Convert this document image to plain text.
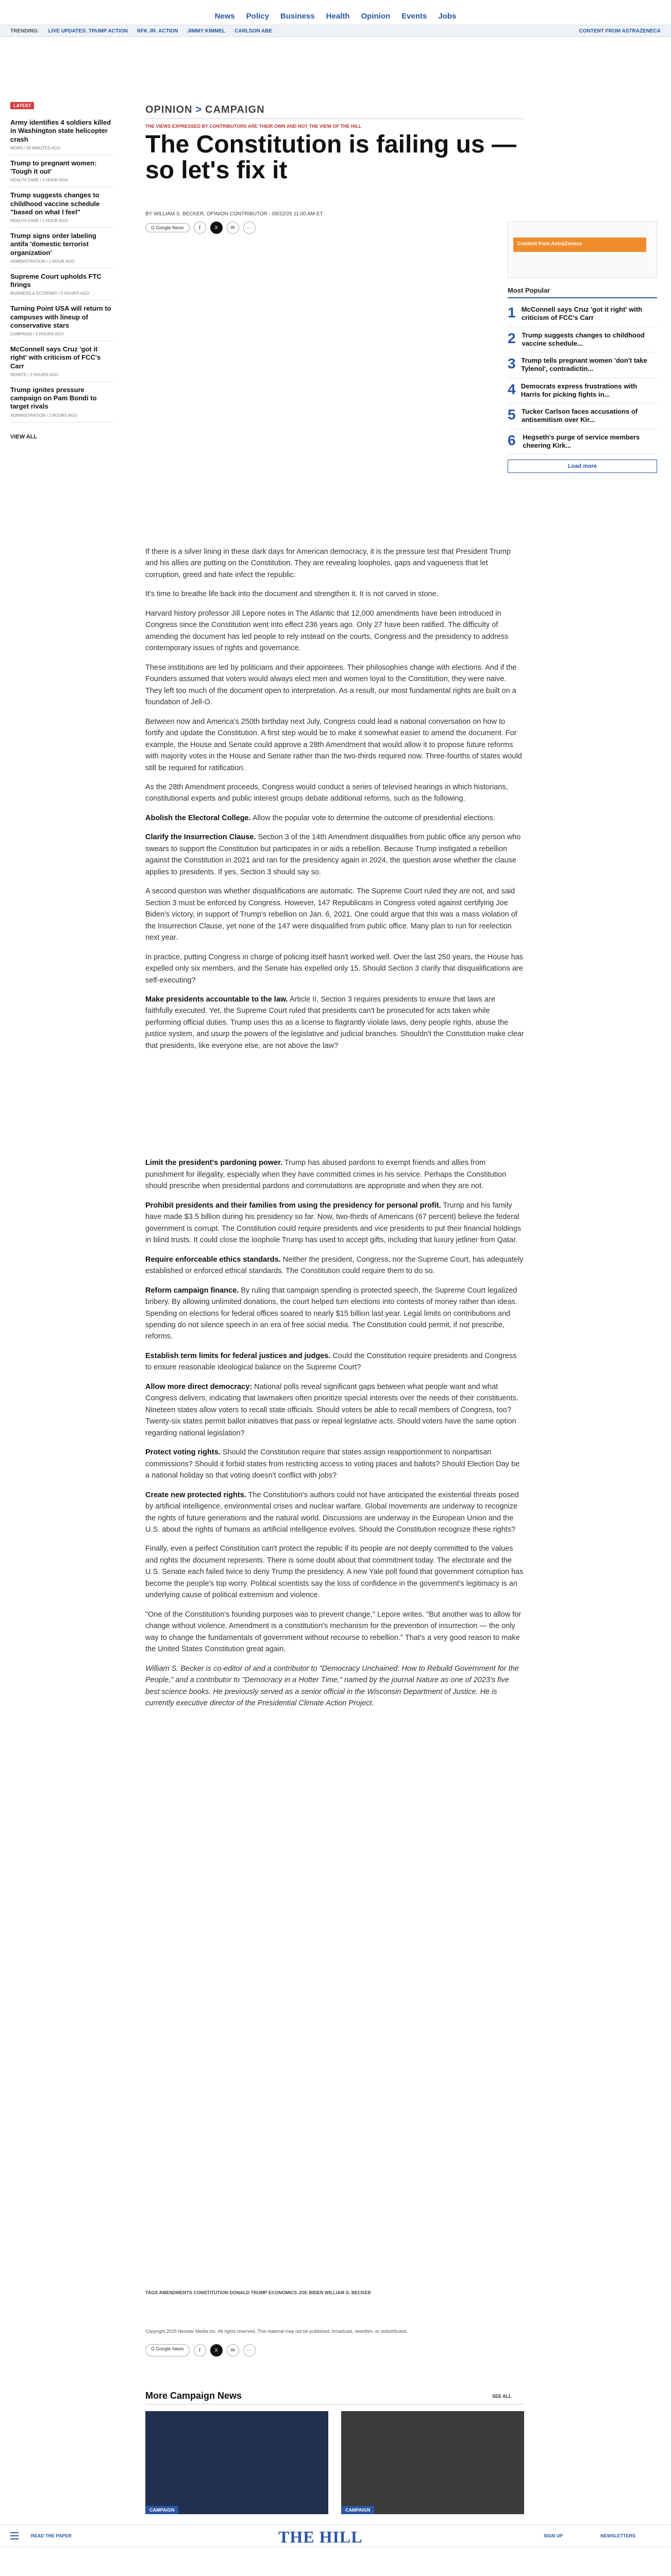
News Policy Business Health Opinion Events Jobs
TRENDING: LIVE UPDATES: TRUMP ACTION RFK JR. ACTION JIMMY KIMMEL CARLSON ABE	CONTENT FROM ASTRAZENECA
LATEST
Army identifies 4 soldiers killed in Washington state helicopter crash
NEWS / 28 MINUTES AGO
Trump to pregnant women: 'Tough it out'
HEALTH CARE / 1 HOUR AGO
Trump suggests changes to childhood vaccine schedule "based on what I feel"
HEALTH CARE / 1 HOUR AGO
Trump signs order labeling antifa 'domestic terrorist organization'
ADMINISTRATION / 1 HOUR AGO
Supreme Court upholds FTC firings
BUSINESS & ECONOMY / 2 HOURS AGO
Turning Point USA will return to campuses with lineup of conservative stars
CAMPAIGN / 2 HOURS AGO
McConnell says Cruz 'got it right' with criticism of FCC's Carr
SENATE / 2 HOURS AGO
Trump ignites pressure campaign on Pam Bondi to target rivals
ADMINISTRATION / 2 HOURS AGO
VIEW ALL
OPINION > CAMPAIGN
THE VIEWS EXPRESSED BY CONTRIBUTORS ARE THEIR OWN AND NOT THE VIEW OF THE HILL
The Constitution is failing us — so let's fix it
BY WILLIAM S. BECKER, OPINION CONTRIBUTOR - 09/22/25 11:00 AM ET
G Google News	f	X	✉	⋯
Content from AstraZeneca
Most Popular
1 McConnell says Cruz 'got it right' with criticism of FCC's Carr
2 Trump suggests changes to childhood vaccine schedule...
3 Trump tells pregnant women 'don't take Tylenol', contradictin...
4 Democrats express frustrations with Harris for picking fights in...
5 Tucker Carlson faces accusations of antisemitism over Kir...
6 Hegseth's purge of service members cheering Kirk...
Load more

If there is a silver lining in these dark days for American democracy, it is the pressure test that President Trump and his allies are putting on the Constitution. They are revealing loopholes, gaps and vagueness that let corruption, greed and hate infect the republic.

It's time to breathe life back into the document and strengthen it. It is not carved in stone.

Harvard history professor Jill Lepore notes in The Atlantic that 12,000 amendments have been introduced in Congress since the Constitution went into effect 236 years ago. Only 27 have been ratified. The difficulty of amending the document has led people to rely instead on the courts, Congress and the presidency to address contemporary issues of rights and governance.

These institutions are led by politicians and their appointees. Their philosophies change with elections. And if the Founders assumed that voters would always elect men and women loyal to the Constitution, they were naive. They left too much of the document open to interpretation. As a result, our most fundamental rights are built on a foundation of Jell-O.

Between now and America's 250th birthday next July, Congress could lead a national conversation on how to fortify and update the Constitution. A first step would be to make it somewhat easier to amend the document. For example, the House and Senate could approve a 28th Amendment that would allow it to propose future reforms with majority votes in the House and Senate rather than the two-thirds required now. Three-fourths of states would still be required for ratification.

As the 28th Amendment proceeds, Congress would conduct a series of televised hearings in which historians, constitutional experts and public interest groups debate additional reforms, such as the following.

Abolish the Electoral College. Allow the popular vote to determine the outcome of presidential elections.

Clarify the Insurrection Clause. Section 3 of the 14th Amendment disqualifies from public office any person who swears to support the Constitution but participates in or aids a rebellion. Because Trump instigated a rebellion against the Constitution in 2021 and ran for the presidency again in 2024, the question arose whether the clause applies to presidents. If yes, Section 3 should say so.

A second question was whether disqualifications are automatic. The Supreme Court ruled they are not, and said Section 3 must be enforced by Congress. However, 147 Republicans in Congress voted against certifying Joe Biden's victory, in support of Trump's rebellion on Jan. 6, 2021. One could argue that this was a mass violation of the Insurrection Clause, yet none of the 147 were disqualified from public office. Many plan to run for reelection next year.

In practice, putting Congress in charge of policing itself hasn't worked well. Over the last 250 years, the House has expelled only six members, and the Senate has expelled only 15. Should Section 3 clarify that disqualifications are self-executing?

Make presidents accountable to the law. Article II, Section 3 requires presidents to ensure that laws are faithfully executed. Yet, the Supreme Court ruled that presidents can't be prosecuted for acts taken while performing official duties. Trump uses this as a license to flagrantly violate laws, deny people rights, abuse the justice system, and usurp the powers of the legislative and judicial branches. Shouldn't the Constitution make clear that presidents, like everyone else, are not above the law?

Limit the president's pardoning power. Trump has abused pardons to exempt friends and allies from punishment for illegality, especially when they have committed crimes in his service. Perhaps the Constitution should prescribe when presidential pardons and commutations are appropriate and when they are not.

Prohibit presidents and their families from using the presidency for personal profit. Trump and his family have made $3.5 billion during his presidency so far. Now, two-thirds of Americans (67 percent) believe the federal government is corrupt. The Constitution could require presidents and vice presidents to put their financial holdings in blind trusts. It could close the loophole Trump has used to accept gifts, including that luxury jetliner from Qatar.

Require enforceable ethics standards. Neither the president, Congress, nor the Supreme Court, has adequately established or enforced ethical standards. The Constitution could require them to do so.

Reform campaign finance. By ruling that campaign spending is protected speech, the Supreme Court legalized bribery. By allowing unlimited donations, the court helped turn elections into contests of money rather than ideas. Spending on elections for federal offices soared to nearly $15 billion last year. Legal limits on contributions and spending do not silence speech in an era of free social media. The Constitution could permit, if not prescribe, reforms.

Establish term limits for federal justices and judges. Could the Constitution require presidents and Congress to ensure reasonable ideological balance on the Supreme Court?

Allow more direct democracy: National polls reveal significant gaps between what people want and what Congress delivers, indicating that lawmakers often prioritize special interests over the needs of their constituents. Nineteen states allow voters to recall state officials. Should voters be able to recall members of Congress, too? Twenty-six states permit ballot initiatives that pass or repeal legislative acts. Should voters have the same option regarding national legislation?

Protect voting rights. Should the Constitution require that states assign reapportionment to nonpartisan commissions? Should it forbid states from restricting access to voting places and ballots? Should Election Day be a national holiday so that voting doesn't conflict with jobs?

Create new protected rights. The Constitution's authors could not have anticipated the existential threats posed by artificial intelligence, environmental crises and nuclear warfare. Global movements are underway to recognize the rights of future generations and the natural world. Discussions are underway in the European Union and the U.S. about the rights of humans as artificial intelligence evolves. Should the Constitution recognize these rights?

Finally, even a perfect Constitution can't protect the republic if its people are not deeply committed to the values and rights the document represents. There is some doubt about that commitment today. The electorate and the U.S. Senate each failed twice to deny Trump the presidency. A new Yale poll found that government corruption has become the people's top worry. Political scientists say the loss of confidence in the government's legitimacy is an underlying cause of political extremism and violence.

"One of the Constitution's founding purposes was to prevent change," Lepore writes. "But another was to allow for change without violence. Amendment is a constitution's mechanism for the prevention of insurrection — the only way to change the fundamentals of government without recourse to rebellion." That's a very good reason to make the United States Constitution great again.

William S. Becker is co-editor of and a contributor to "Democracy Unchained: How to Rebuild Government for the People," and a contributor to "Democracy in a Hotter Time," named by the journal Nature as one of 2023's five best science books. He previously served as a senior official in the Wisconsin Department of Justice. He is currently executive director of the Presidential Climate Action Project.

TAGS AMENDMENTS CONSTITUTION DONALD TRUMP ECONOMICS JOE BIDEN WILLIAM S. BECKER
Copyright 2025 Nexstar Media Inc. All rights reserved. This material may not be published, broadcast, rewritten, or redistributed.
G Google News	f	X	✉	⋯
More Campaign News	SEE ALL
CAMPAIGN	CAMPAIGN
READ THE PAPER	THE HILL	SIGN UP	NEWSLETTERS
